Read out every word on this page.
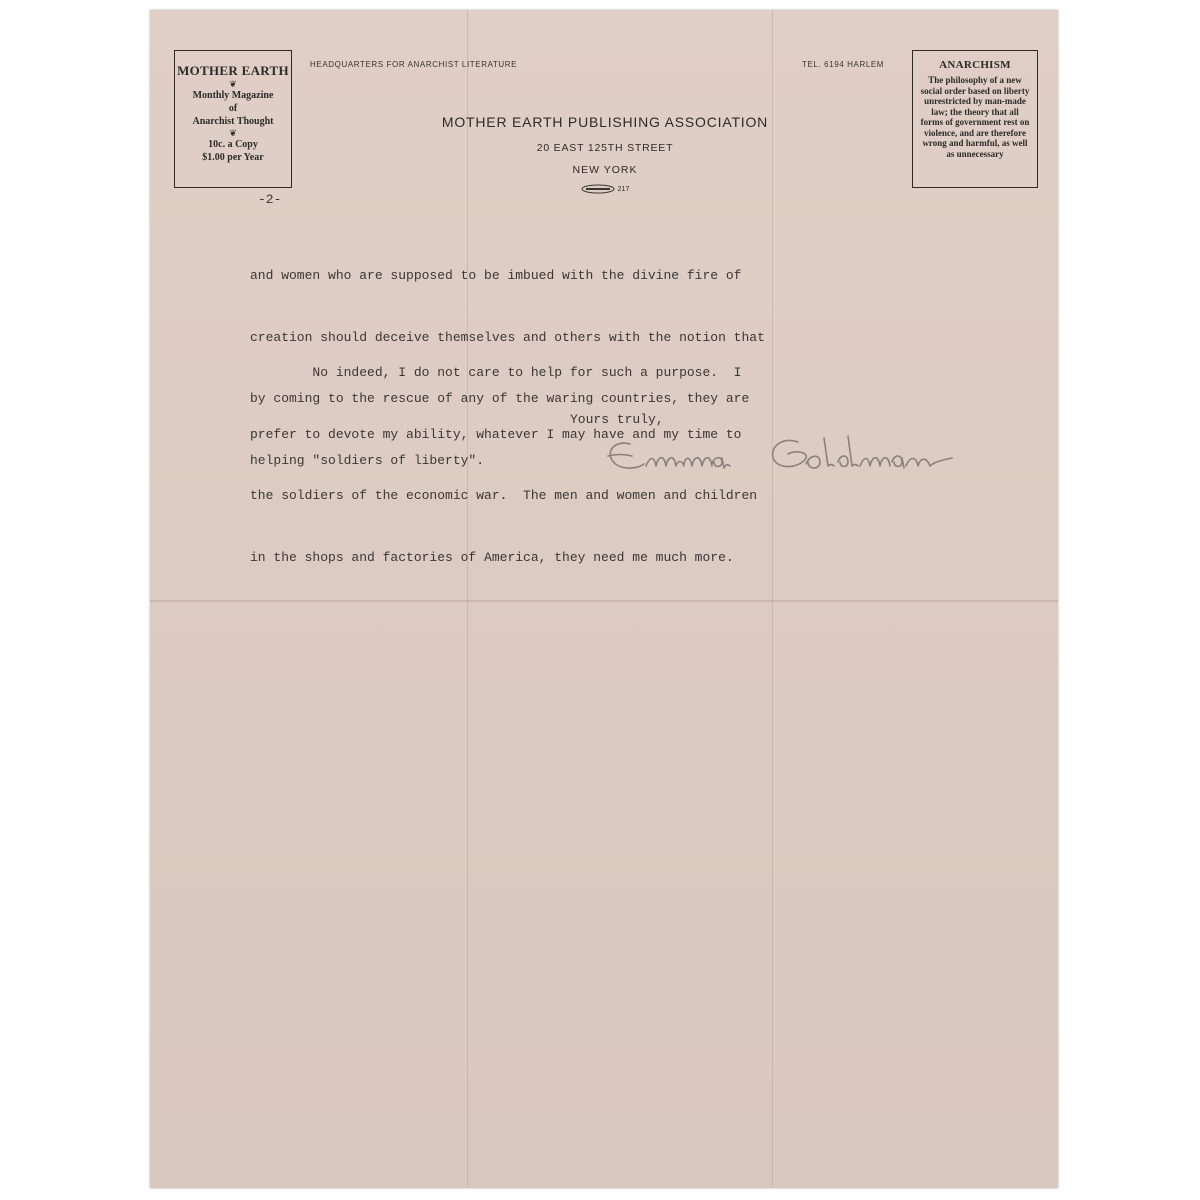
MOTHER EARTH
❦
Monthly Magazine
of
Anarchist Thought
❦
10c. a Copy
$1.00 per Year
HEADQUARTERS FOR ANARCHIST LITERATURE	TEL. 6194 HARLEM
MOTHER EARTH PUBLISHING ASSOCIATION
20 EAST 125TH STREET
NEW YORK
217
ANARCHISM
The philosophy of a new social order based on liberty unrestricted by man-made law; the theory that all forms of government rest on violence, and are therefore wrong and harmful, as well as unnecessary
-2-

and women who are supposed to be imbued with the divine fire of

creation should deceive themselves and others with the notion that

by coming to the rescue of any of the waring countries, they are

helping "soldiers of liberty".

No indeed, I do not care to help for such a purpose.  I

prefer to devote my ability, whatever I may have and my time to

the soldiers of the economic war.  The men and women and children

in the shops and factories of America, they need me much more.

Yours truly,
